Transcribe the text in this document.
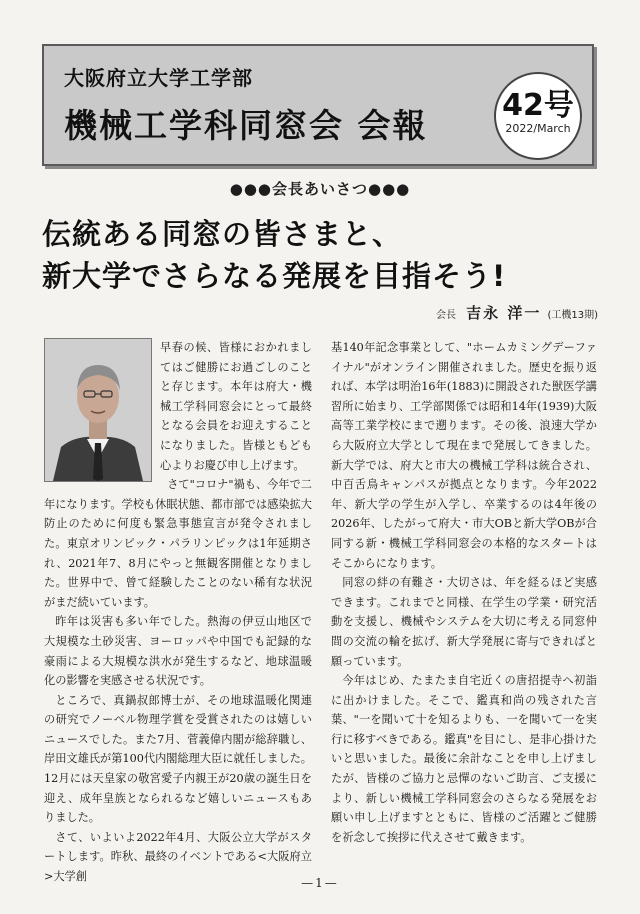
大阪府立大学工学部
機械工学科同窓会 会報
42号
2022/March
●●●会長あいさつ●●●
伝統ある同窓の皆さまと、
新大学でさらなる発展を目指そう!
会長 吉永 洋一 (工機13期)

早春の候、皆様におかれましてはご健勝にお過ごしのことと存じます。本年は府大・機械工学科同窓会にとって最終となる会員をお迎えすることになりました。皆様ともども心よりお慶び申し上げます。

さて"コロナ"禍も、今年で二年になります。学校も休眠状態、都市部では感染拡大防止のために何度も緊急事態宣言が発令されました。東京オリンピック・パラリンピックは1年延期され、2021年7、8月にやっと無観客開催となりました。世界中で、曾て経験したことのない稀有な状況がまだ続いています。

昨年は災害も多い年でした。熱海の伊豆山地区で大規模な土砂災害、ヨーロッパや中国でも記録的な豪雨による大規模な洪水が発生するなど、地球温暖化の影響を実感させる状況です。

ところで、真鍋叔郎博士が、その地球温暖化関連の研究でノーベル物理学賞を受賞されたのは嬉しいニュースでした。また7月、菅義偉内閣が総辞職し、岸田文雄氏が第100代内閣総理大臣に就任しました。12月には天皇家の敬宮愛子内親王が20歳の誕生日を迎え、成年皇族となられるなど嬉しいニュースもありました。

さて、いよいよ2022年4月、大阪公立大学がスタートします。昨秋、最終のイベントである<大阪府立>大学創

基140年記念事業として、"ホームカミングデーファイナル"がオンライン開催されました。歴史を振り返れば、本学は明治16年(1883)に開設された獣医学講習所に始まり、工学部関係では昭和14年(1939)大阪高等工業学校にまで遡ります。その後、浪速大学から大阪府立大学として現在まで発展してきました。新大学では、府大と市大の機械工学科は統合され、中百舌鳥キャンパスが拠点となります。今年2022年、新大学の学生が入学し、卒業するのは4年後の2026年、したがって府大・市大OBと新大学OBが合同する新・機械工学科同窓会の本格的なスタートはそこからになります。

同窓の絆の有難さ・大切さは、年を経るほど実感できます。これまでと同様、在学生の学業・研究活動を支援し、機械やシステムを大切に考える同窓仲間の交流の輪を拡げ、新大学発展に寄与できればと願っています。

今年はじめ、たまたま自宅近くの唐招提寺へ初詣に出かけました。そこで、鑑真和尚の残された言葉、"一を聞いて十を知るよりも、一を聞いて一を実行に移すべきである。鑑真"を目にし、是非心掛けたいと思いました。最後に余計なことを申し上げましたが、皆様のご協力と忌憚のないご助言、ご支援により、新しい機械工学科同窓会のさらなる発展をお願い申し上げますとともに、皆様のご活躍とご健勝を祈念して挨拶に代えさせて戴きます。

—1—
